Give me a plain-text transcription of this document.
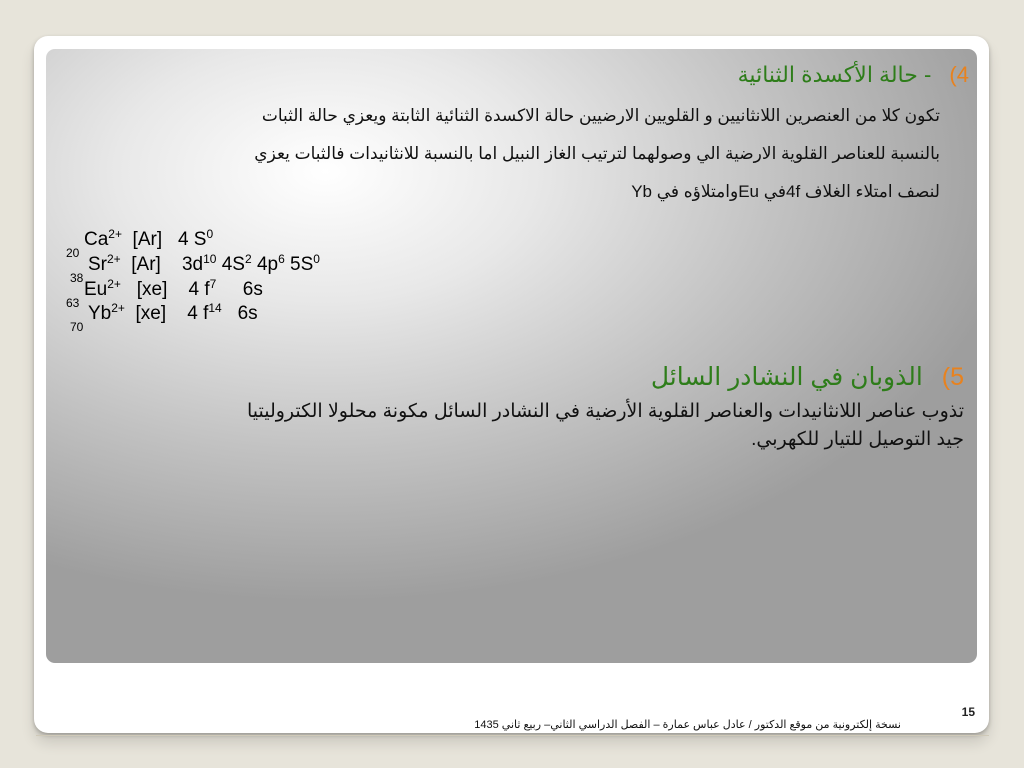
4) - حالة الأكسدة الثنائية
تكون كلا من العنصرين اللانثانيين و القلويين الارضيين حالة الاكسدة الثنائية الثابتة ويعزي حالة الثبات
بالنسبة للعناصر القلوية الارضية الي وصولهما لترتيب الغاز النبيل اما بالنسبة للانثانيدات فالثبات يعزي
لنصف امتلاء الغلاف 4fفي Euوامتلاؤه في Yb
$Ca^{2+}$ [Ar] 4 $S^0$
20
$Sr^{2+}$ [Ar] $3d^{10}$ $4S^2$ $4p^6$ $5S^0$
38
$Eu^{2+}$ [xe] 4 $f^7$ 6s
63 $Yb^{2+}$ [xe] 4 $f^{14}$ 6s
70
5) الذوبان في النشادر السائل
تذوب عناصر اللانثانيدات والعناصر القلوية الأرضية في النشادر السائل مكونة محلولا الكتروليتيا
جيد التوصيل للتيار للكهربي.
15
نسخة إلكترونية من موقع الدكتور / عادل عباس عمارة – الفصل الدراسي الثاني– ربيع ثاني 1435
